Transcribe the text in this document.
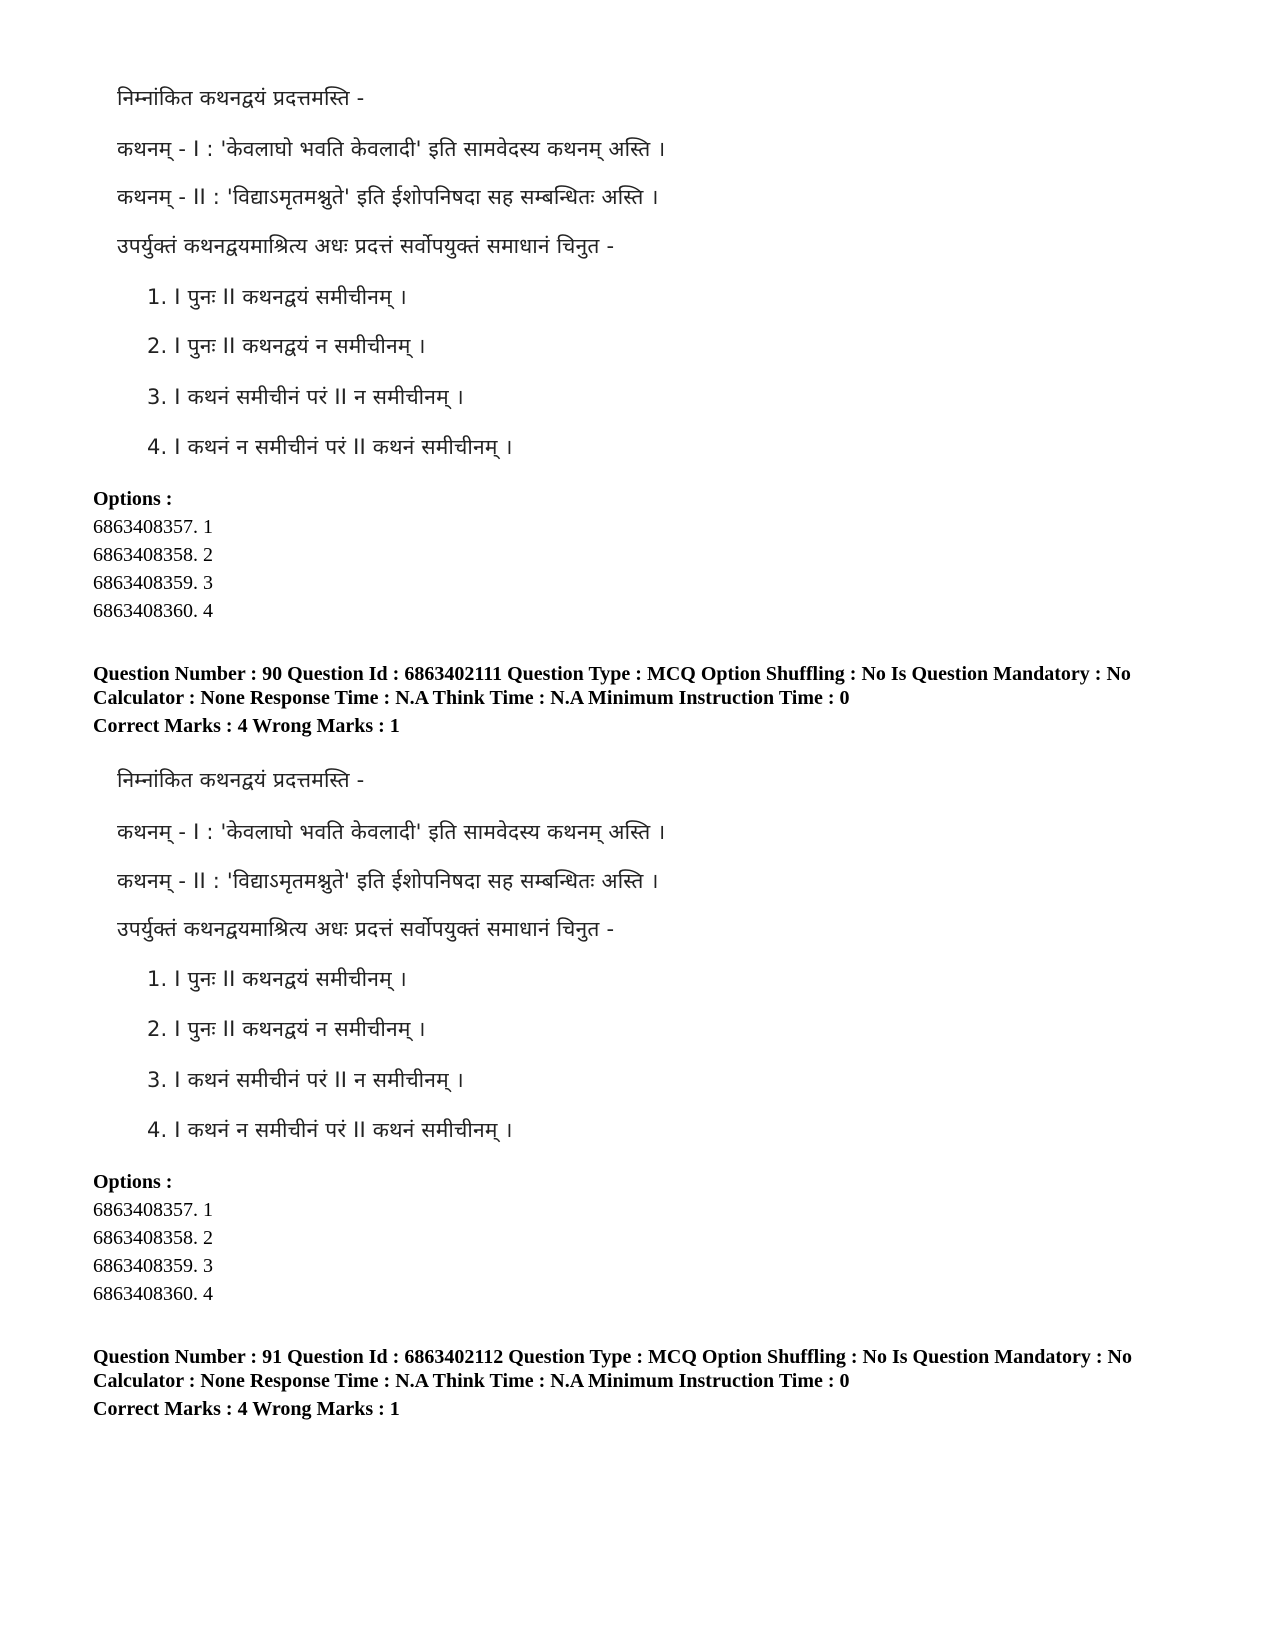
निम्नांकित कथनद्वयं प्रदत्तमस्ति -
कथनम् - I : 'केवलाघो भवति केवलादी' इति सामवेदस्य कथनम् अस्ति ।
कथनम् - II : 'विद्याऽमृतमश्नुते' इति ईशोपनिषदा सह सम्बन्धितः अस्ति ।
उपर्युक्तं कथनद्वयमाश्रित्य अधः प्रदत्तं सर्वोपयुक्तं समाधानं चिनुत -
1. I पुनः II कथनद्वयं समीचीनम् ।
2. I पुनः II कथनद्वयं न समीचीनम् ।
3. I कथनं समीचीनं परं II न समीचीनम् ।
4. I कथनं न समीचीनं परं II कथनं समीचीनम् ।
Options :
6863408357. 1
6863408358. 2
6863408359. 3
6863408360. 4
Question Number : 90 Question Id : 6863402111 Question Type : MCQ Option Shuffling : No Is Question Mandatory : No Calculator : None Response Time : N.A Think Time : N.A Minimum Instruction Time : 0
Correct Marks : 4 Wrong Marks : 1
निम्नांकित कथनद्वयं प्रदत्तमस्ति -
कथनम् - I : 'केवलाघो भवति केवलादी' इति सामवेदस्य कथनम् अस्ति ।
कथनम् - II : 'विद्याऽमृतमश्नुते' इति ईशोपनिषदा सह सम्बन्धितः अस्ति ।
उपर्युक्तं कथनद्वयमाश्रित्य अधः प्रदत्तं सर्वोपयुक्तं समाधानं चिनुत -
1. I पुनः II कथनद्वयं समीचीनम् ।
2. I पुनः II कथनद्वयं न समीचीनम् ।
3. I कथनं समीचीनं परं II न समीचीनम् ।
4. I कथनं न समीचीनं परं II कथनं समीचीनम् ।
Options :
6863408357. 1
6863408358. 2
6863408359. 3
6863408360. 4
Question Number : 91 Question Id : 6863402112 Question Type : MCQ Option Shuffling : No Is Question Mandatory : No Calculator : None Response Time : N.A Think Time : N.A Minimum Instruction Time : 0
Correct Marks : 4 Wrong Marks : 1
